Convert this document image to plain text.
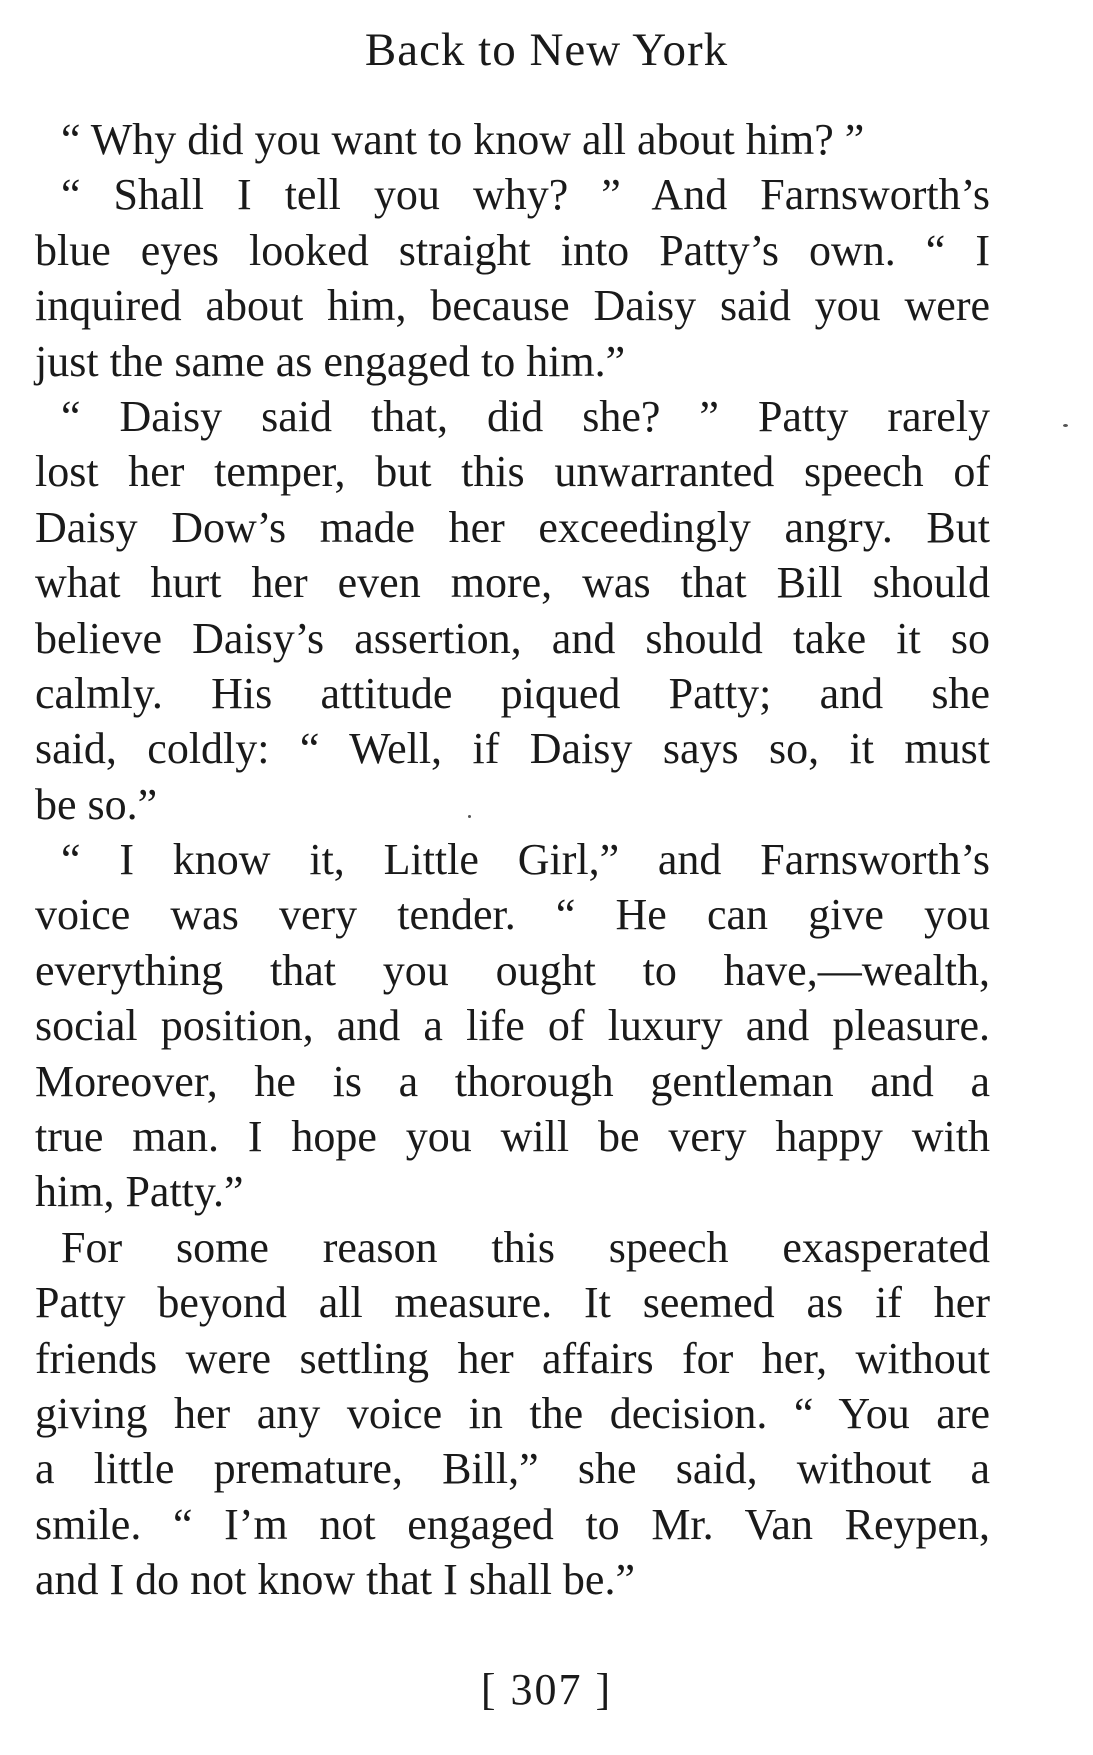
Back to New York
“ Why did you want to know all about him? ”
“ Shall I tell you why? ” And Farnsworth’s
blue eyes looked straight into Patty’s own. “ I
inquired about him, because Daisy said you were
just the same as engaged to him.”
“ Daisy said that, did she? ” Patty rarely
lost her temper, but this unwarranted speech of
Daisy Dow’s made her exceedingly angry. But
what hurt her even more, was that Bill should
believe Daisy’s assertion, and should take it so
calmly. His attitude piqued Patty; and she
said, coldly: “ Well, if Daisy says so, it must
be so.”
“ I know it, Little Girl,” and Farnsworth’s
voice was very tender. “ He can give you
everything that you ought to have,—wealth,
social position, and a life of luxury and pleasure.
Moreover, he is a thorough gentleman and a
true man. I hope you will be very happy with
him, Patty.”
For some reason this speech exasperated
Patty beyond all measure. It seemed as if her
friends were settling her affairs for her, without
giving her any voice in the decision. “ You are
a little premature, Bill,” she said, without a
smile. “ I’m not engaged to Mr. Van Reypen,
and I do not know that I shall be.”
[ 307 ]
